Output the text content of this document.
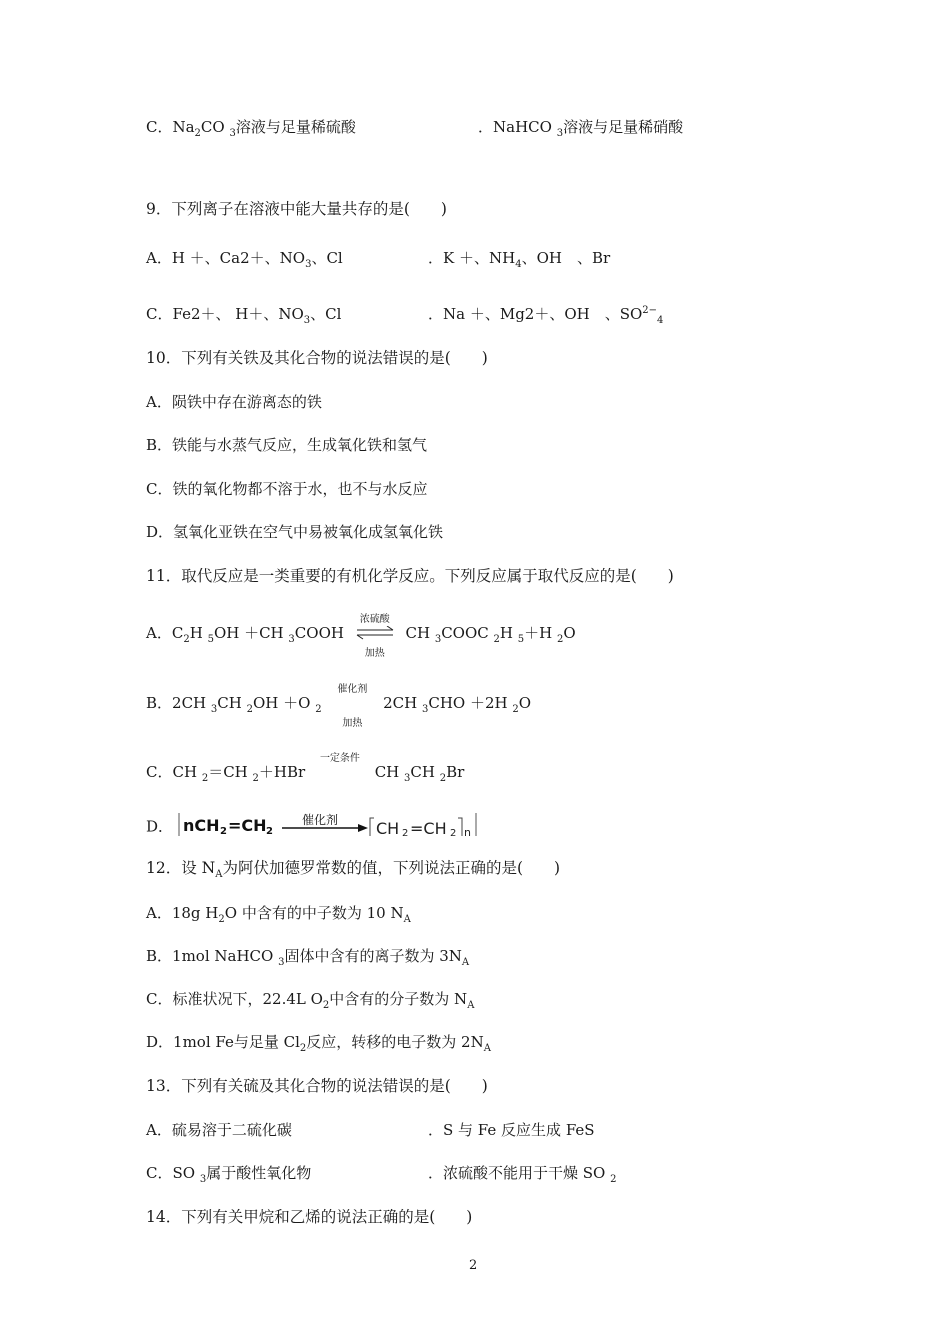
C．$Na_2CO$ $_3$溶液与足量稀硫酸	．NaHCO $_3$溶液与足量稀硝酸
9．下列离子在溶液中能大量共存的是(　　)
A．H ＋、Ca2＋、$NO_3$、Cl	．K ＋、$NH_4$、OH　、Br
C．Fe2＋、 H＋、$NO_3$、Cl	．Na ＋、Mg2＋、OH　、$SO^{2-}_4$
10．下列有关铁及其化合物的说法错误的是(　　)
A．陨铁中存在游离态的铁
B．铁能与水蒸气反应，生成氧化铁和氢气
C．铁的氧化物都不溶于水，也不与水反应
D．氢氧化亚铁在空气中易被氧化成氢氧化铁
11．取代反应是一类重要的有机化学反应。下列反应属于取代反应的是(　　)
A．$C_2H$ $_5$OH ＋CH $_3$COOH
浓硫酸
加热
CH $_3$COOC $_2$H $_5$＋H $_2$O
B．2CH $_3$CH $_2$OH ＋O $_2$
催化剂
加热
2CH $_3$CHO ＋2H $_2$O
C．CH $_2$＝CH $_2$＋HBr
一定条件
CH $_3$CH $_2$Br
D． nCH 2 =CH 2
催化剂 CH 2 =CH 2 n
12．设 $N_A$为阿伏加德罗常数的值，下列说法正确的是(　　)
A．18g $H_2O$ 中含有的中子数为 10 $N_A$
B．1mol NaHCO $_3$固体中含有的离子数为 $3N_A$
C．标准状况下，22.4L $O_2$中含有的分子数为 $N_A$
D．1mol Fe与足量 $Cl_2$反应，转移的电子数为 $2N_A$
13．下列有关硫及其化合物的说法错误的是(　　)
A．硫易溶于二硫化碳	．S 与 Fe 反应生成 FeS
C．SO $_3$属于酸性氧化物	．浓硫酸不能用于干燥 SO $_2$
14．下列有关甲烷和乙烯的说法正确的是(　　)
2
